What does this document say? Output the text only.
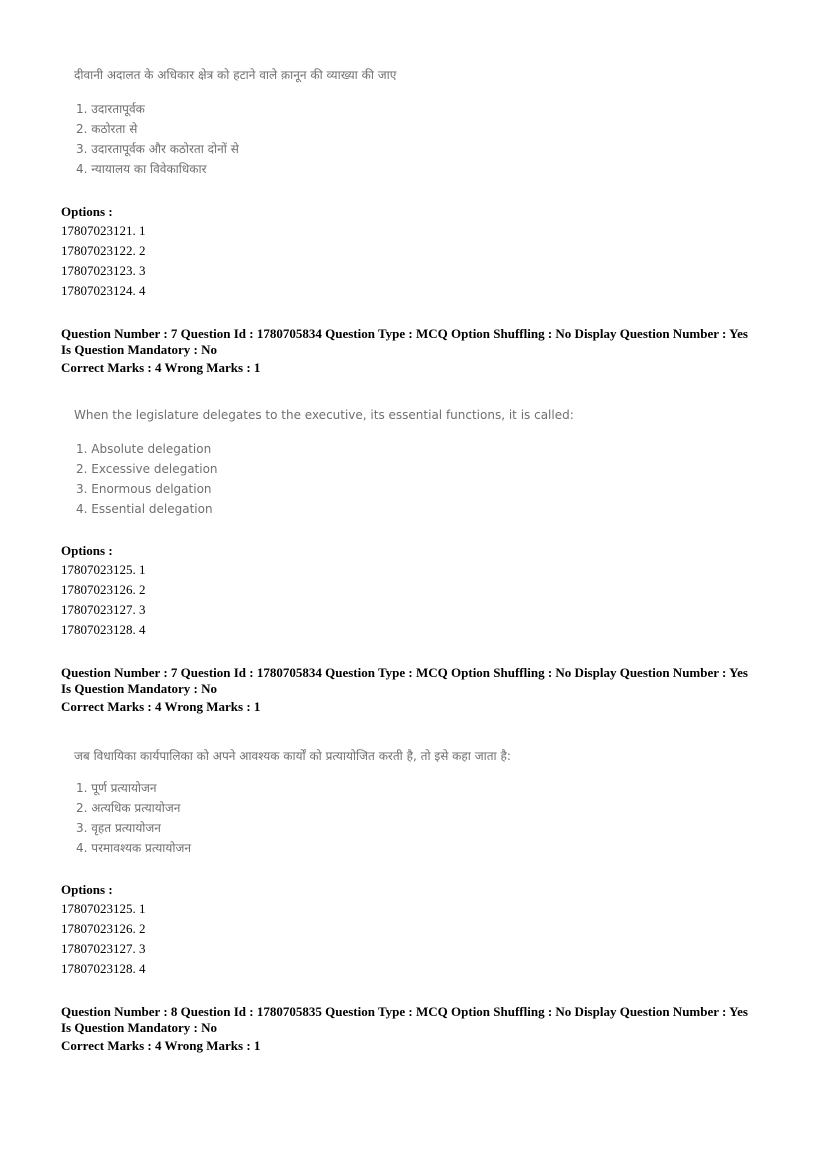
दीवानी अदालत के अधिकार क्षेत्र को हटाने वाले क़ानून की व्याख्या की जाए
1. उदारतापूर्वक
2. कठोरता से
3. उदारतापूर्वक और कठोरता दोनों से
4. न्यायालय का विवेकाधिकार
Options :
17807023121. 1
17807023122. 2
17807023123. 3
17807023124. 4
Question Number : 7 Question Id : 1780705834 Question Type : MCQ Option Shuffling : No Display Question Number : Yes
Is Question Mandatory : No
Correct Marks : 4 Wrong Marks : 1
When the legislature delegates to the executive, its essential functions, it is called:
1. Absolute delegation
2. Excessive delegation
3. Enormous delgation
4. Essential delegation
Options :
17807023125. 1
17807023126. 2
17807023127. 3
17807023128. 4
Question Number : 7 Question Id : 1780705834 Question Type : MCQ Option Shuffling : No Display Question Number : Yes
Is Question Mandatory : No
Correct Marks : 4 Wrong Marks : 1
जब विधायिका कार्यपालिका को अपने आवश्यक कार्यों को प्रत्यायोजित करती है, तो इसे कहा जाता है:
1. पूर्ण प्रत्यायोजन
2. अत्यधिक प्रत्यायोजन
3. वृहत प्रत्यायोजन
4. परमावश्यक प्रत्यायोजन
Options :
17807023125. 1
17807023126. 2
17807023127. 3
17807023128. 4
Question Number : 8 Question Id : 1780705835 Question Type : MCQ Option Shuffling : No Display Question Number : Yes
Is Question Mandatory : No
Correct Marks : 4 Wrong Marks : 1
